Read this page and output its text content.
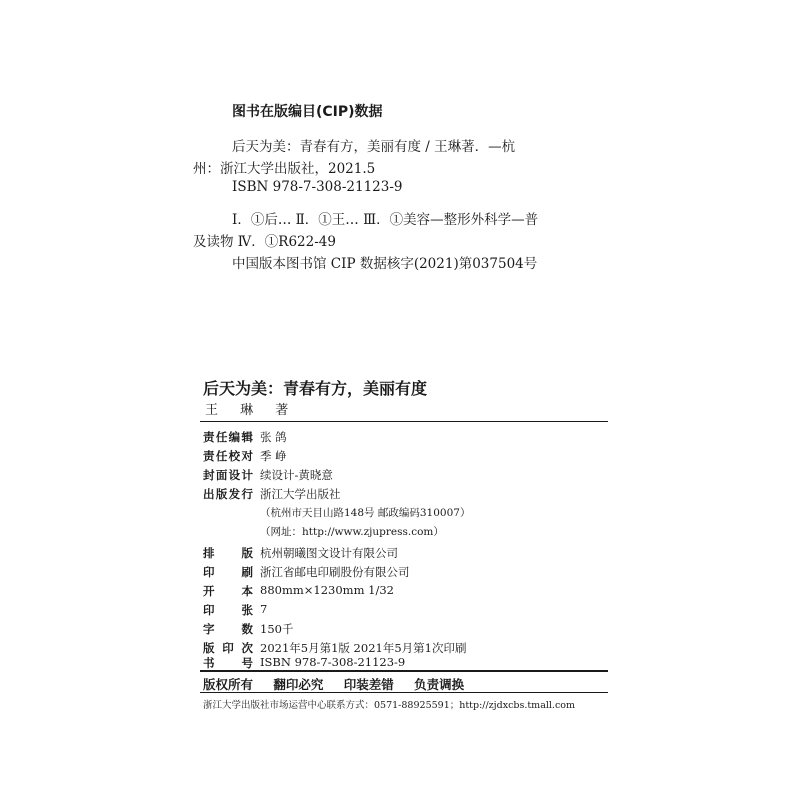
图书在版编目(CIP)数据
后天为美：青春有方，美丽有度 / 王琳著．—杭
州：浙江大学出版社，2021.5
ISBN 978-7-308-21123-9
Ⅰ．①后… Ⅱ．①王… Ⅲ．①美容—整形外科学—普
及读物 Ⅳ．①R622-49
中国版本图书馆 CIP 数据核字(2021)第037504号
后天为美：青春有方，美丽有度
王 琳 著
责任编辑 张 鸽
责任校对 季 峥
封面设计 续设计-黄晓意
出版发行 浙江大学出版社
（杭州市天目山路148号 邮政编码310007）
（网址：http://www.zjupress.com）
排版 杭州朝曦图文设计有限公司
印刷 浙江省邮电印刷股份有限公司
开本 880mm×1230mm 1/32
印张 7
字数 150千
版印次 2021年5月第1版 2021年5月第1次印刷
书号 ISBN 978-7-308-21123-9
版权所有 翻印必究 印装差错 负责调换
浙江大学出版社市场运营中心联系方式：0571-88925591；http://zjdxcbs.tmall.com
